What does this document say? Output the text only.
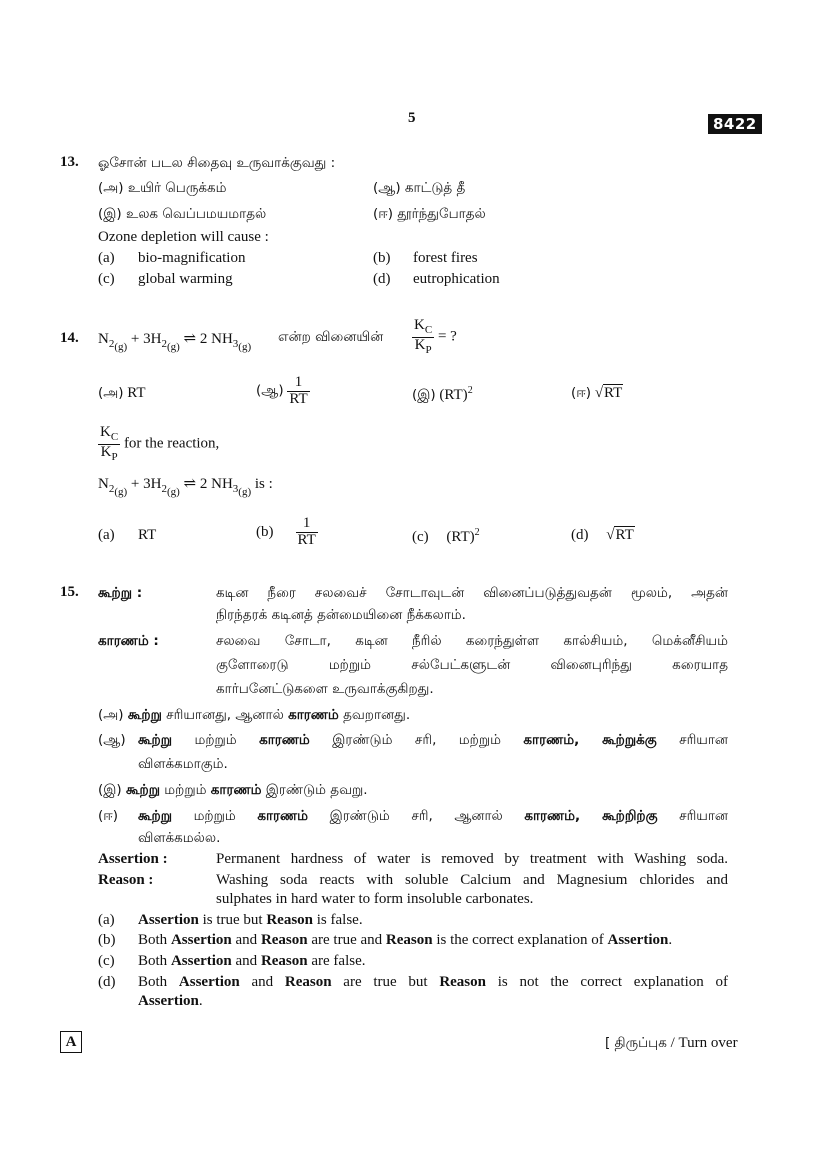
5	8422
13. ஓசோன் படல சிதைவு உருவாக்குவது :
(அ) உயிர் பெருக்கம்	(ஆ) காட்டுத் தீ
(இ) உலக வெப்பமயமாதல்	(ஈ) தூர்ந்துபோதல்
Ozone depletion will cause :
(a) bio-magnification	(b) forest fires
(c) global warming	(d) eutrophication
14. $N_{2_{(g)}} + 3H_{2_{(g)}}$ ⇌ 2 $NH_{3_{(g)}}$
என்ற வினையின் $\frac{K_C}{K_P}$ = ?
(அ) RT	(ஆ) $\frac{1}{RT}$	(இ) (RT)$^2$	(ஈ) √RT
$\frac{K_C}{K_P}$ for the reaction,
$N_{2_{(g)}} + 3H_{2_{(g)}}$ ⇌ 2 $NH_{3_{(g)}}$ is :
(a) RT	$(b) \frac{1}{RT}$	(c) (RT)$^2$	(d) √RT
15. கூற்று :	கடின நீரை சலவைச் சோடாவுடன் வினைப்படுத்துவதன் மூலம், அதன்
நிரந்தரக் கடினத் தன்மையினை நீக்கலாம்.
காரணம் :	சலவை சோடா, கடின நீரில் கரைந்துள்ள கால்சியம், மெக்னீசியம்
குளோரைடு மற்றும் சல்பேட்களுடன் வினைபுரிந்து கரையாத
கார்பனேட்டுகளை உருவாக்குகிறது.
(அ) கூற்று சரியானது, ஆனால் காரணம் தவறானது.
(ஆ) கூற்று மற்றும் காரணம் இரண்டும் சரி, மற்றும் காரணம், கூற்றுக்கு சரியான
விளக்கமாகும்.
(இ) கூற்று மற்றும் காரணம் இரண்டும் தவறு.
(ஈ) கூற்று மற்றும் காரணம் இரண்டும் சரி, ஆனால் காரணம், கூற்றிற்கு சரியான
விளக்கமல்ல.
Assertion :	Permanent hardness of water is removed by treatment with Washing soda.
Reason :	Washing soda reacts with soluble Calcium and Magnesium chlorides and
sulphates in hard water to form insoluble carbonates.
(a) Assertion is true but Reason is false.
(b) Both Assertion and Reason are true and Reason is the correct explanation of Assertion.
(c) Both Assertion and Reason are false.
(d) Both Assertion and Reason are true but Reason is not the correct explanation of
Assertion.
A	[ திருப்புக / Turn over
